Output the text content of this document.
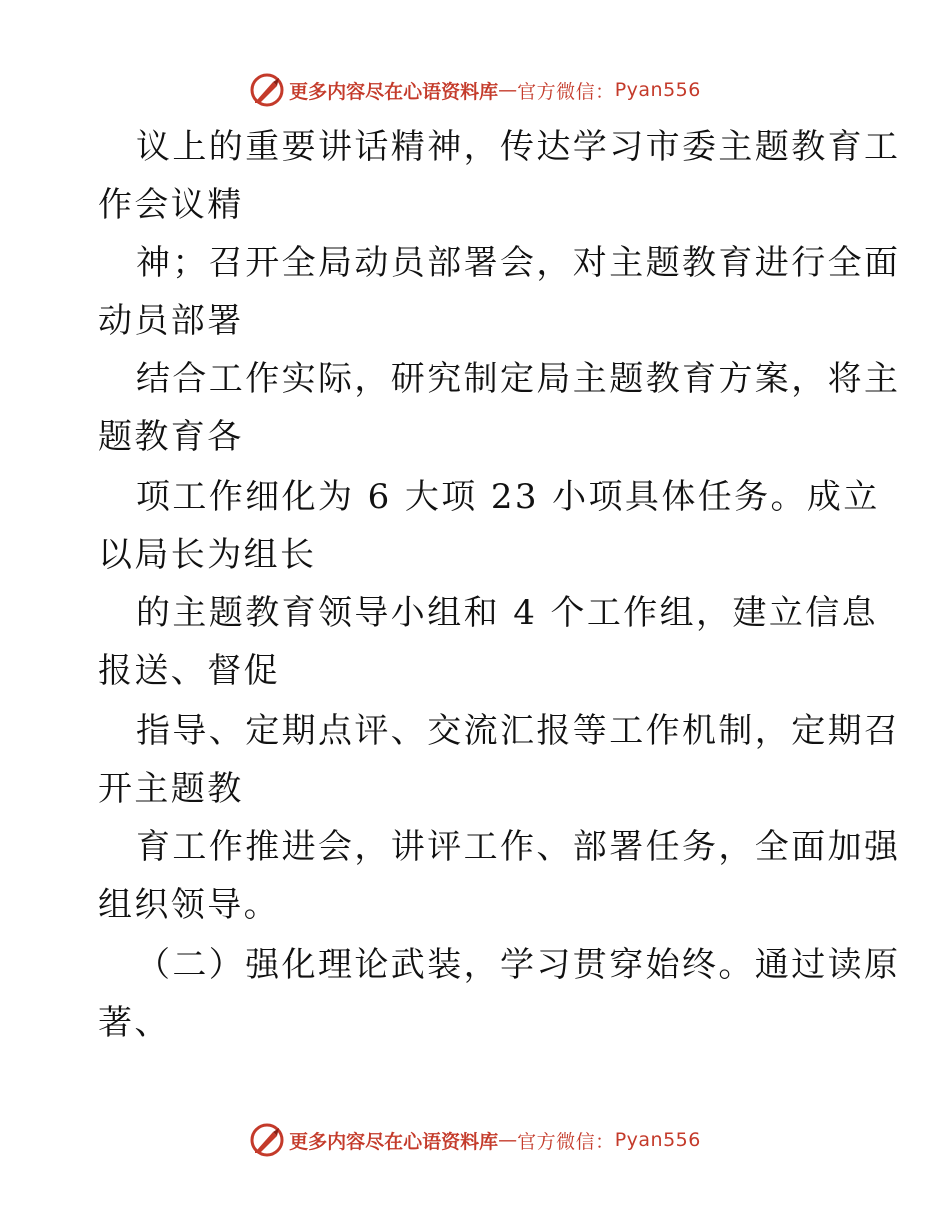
更多内容尽在心语资料库 — 官方微信： Pyan556
议上的重要讲话精神，传达学习市委主题教育工
作会议精
神；召开全局动员部署会，对主题教育进行全面
动员部署
结合工作实际，研究制定局主题教育方案，将主
题教育各
项工作细化为 6 大项 23 小项具体任务。成立
以局长为组长
的主题教育领导小组和 4 个工作组，建立信息
报送、督促
指导、定期点评、交流汇报等工作机制，定期召
开主题教
育工作推进会，讲评工作、部署任务，全面加强
组织领导。
（二）强化理论武装，学习贯穿始终。通过读原
著、
更多内容尽在心语资料库 — 官方微信： Pyan556
